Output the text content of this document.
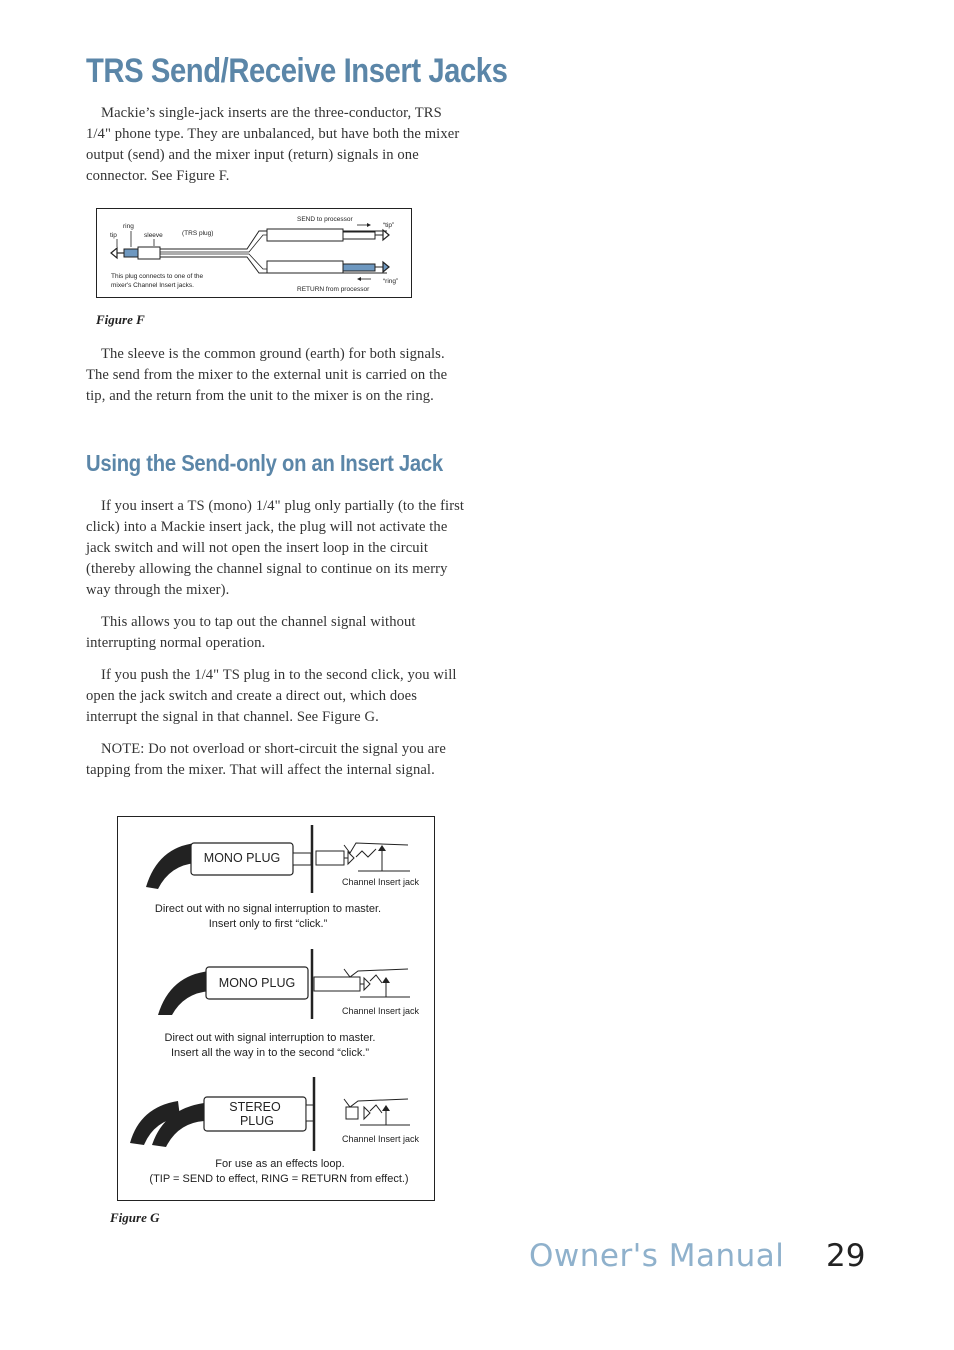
TRS Send/Receive Insert Jacks

Mackie’s single-jack inserts are the three-conductor, TRS 1/4" phone type. They are unbalanced, but have both the mixer output (send) and the mixer input (return) signals in one connector. See Figure F.

ring
tip	sleeve	(TRS plug)
SEND to processor
“tip”
“ring”
RETURN from processor
This plug connects to one of the
mixer's Channel Insert jacks.
Figure F

The sleeve is the common ground (earth) for both signals. The send from the mixer to the external unit is carried on the tip, and the return from the unit to the mixer is on the ring.

Using the Send-only on an Insert Jack

If you insert a TS (mono) 1/4" plug only partially (to the first click) into a Mackie insert jack, the plug will not activate the jack switch and will not open the insert loop in the circuit (thereby allowing the channel signal to continue on its merry way through the mixer).

This allows you to tap out the channel signal without interrupting normal operation.

If you push the 1/4" TS plug in to the second click, you will open the jack switch and create a direct out, which does interrupt the signal in that channel. See Figure G.

NOTE: Do not overload or short-circuit the signal you are tapping from the mixer. That will affect the internal signal.

MONO PLUG
Channel Insert jack
Direct out with no signal interruption to master.
Insert only to first “click.”
MONO PLUG
Channel Insert jack
Direct out with signal interruption to master.
Insert all the way in to the second “click.”
STEREO
PLUG
Channel Insert jack
For use as an effects loop.
(TIP = SEND to effect, RING = RETURN from effect.)
Figure G
Owner's Manual 29
